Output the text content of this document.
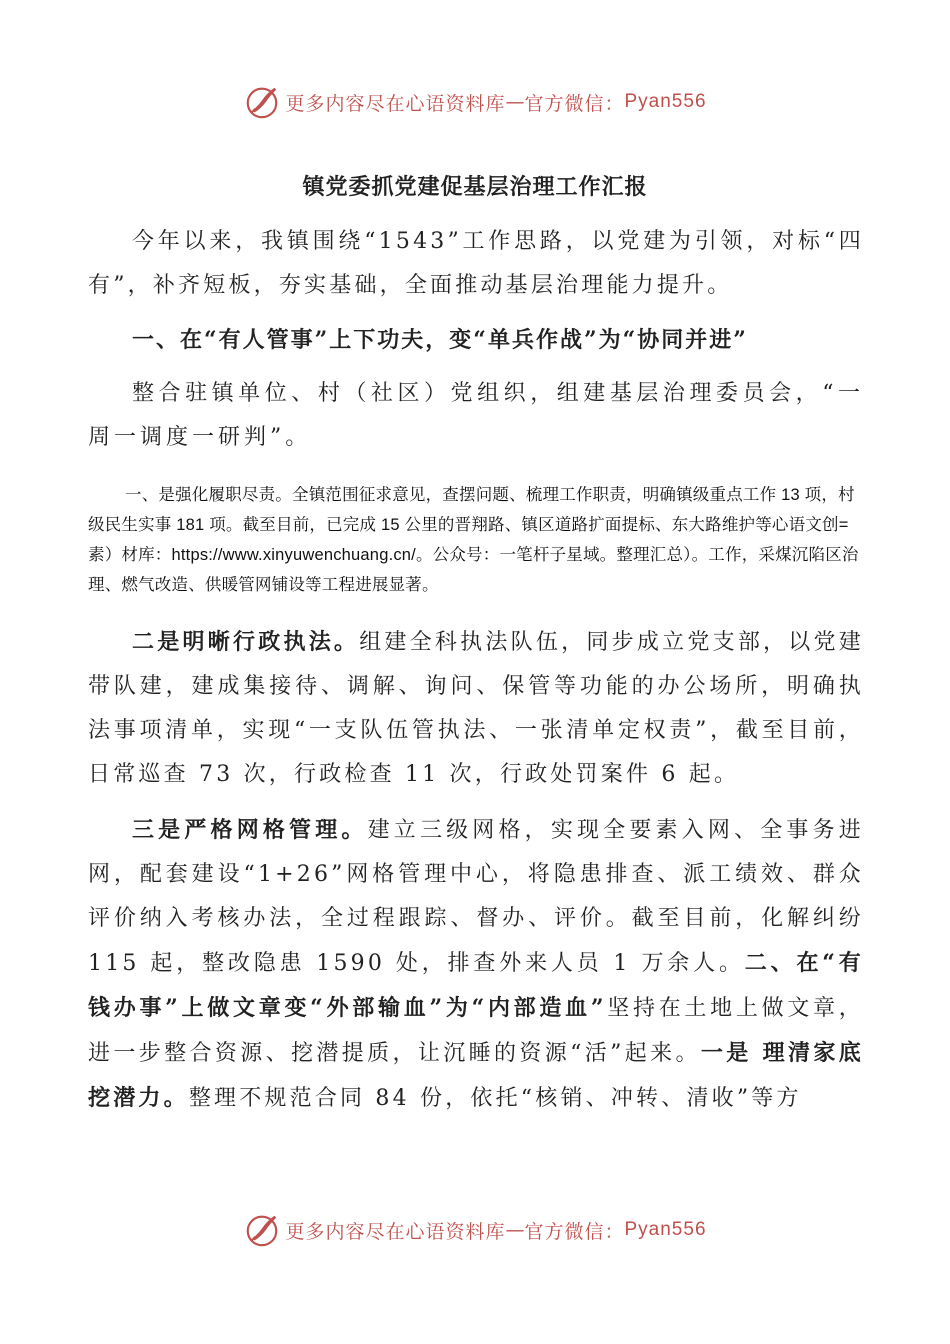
更多内容尽在心语资料库 — 官方微信： Pyan556
镇党委抓党建促基层治理工作汇报
今年以来，我镇围绕“1543”工作思路，以党建为引领，对标“四有”，补齐短板，夯实基础，全面推动基层治理能力提升。
一、在“有人管事”上下功夫，变“单兵作战”为“协同并进”
整合驻镇单位、村（社区）党组织，组建基层治理委员会，“一周一调度一研判”。
一、是强化履职尽责。全镇范围征求意见，查摆问题、梳理工作职责，明确镇级重点工作 13 项，村级民生实事 181 项。截至目前，已完成 15 公里的晋翔路、镇区道路扩面提标、东大路维护等心语文创=素）材库：https://www.xinyuwenchuang.cn/。公众号：一笔杆子星域。整理汇总）。工作，采煤沉陷区治理、燃气改造、供暖管网铺设等工程进展显著。
二是明晰行政执法。组建全科执法队伍，同步成立党支部，以党建带队建，建成集接待、调解、询问、保管等功能的办公场所，明确执法事项清单，实现“一支队伍管执法、一张清单定权责”，截至目前，日常巡查 73 次，行政检查 11 次，行政处罚案件 6 起。
三是严格网格管理。建立三级网格，实现全要素入网、全事务进网，配套建设“1+26”网格管理中心，将隐患排查、派工绩效、群众评价纳入考核办法，全过程跟踪、督办、评价。截至目前，化解纠纷 115 起，整改隐患 1590 处，排查外来人员 1 万余人。二、在“有钱办事”上做文章变“外部输血”为“内部造血”坚持在土地上做文章，进一步整合资源、挖潜提质，让沉睡的资源“活”起来。一是 理清家底挖潜力。整理不规范合同 84 份，依托“核销、冲转、清收”等方
更多内容尽在心语资料库 — 官方微信： Pyan556
